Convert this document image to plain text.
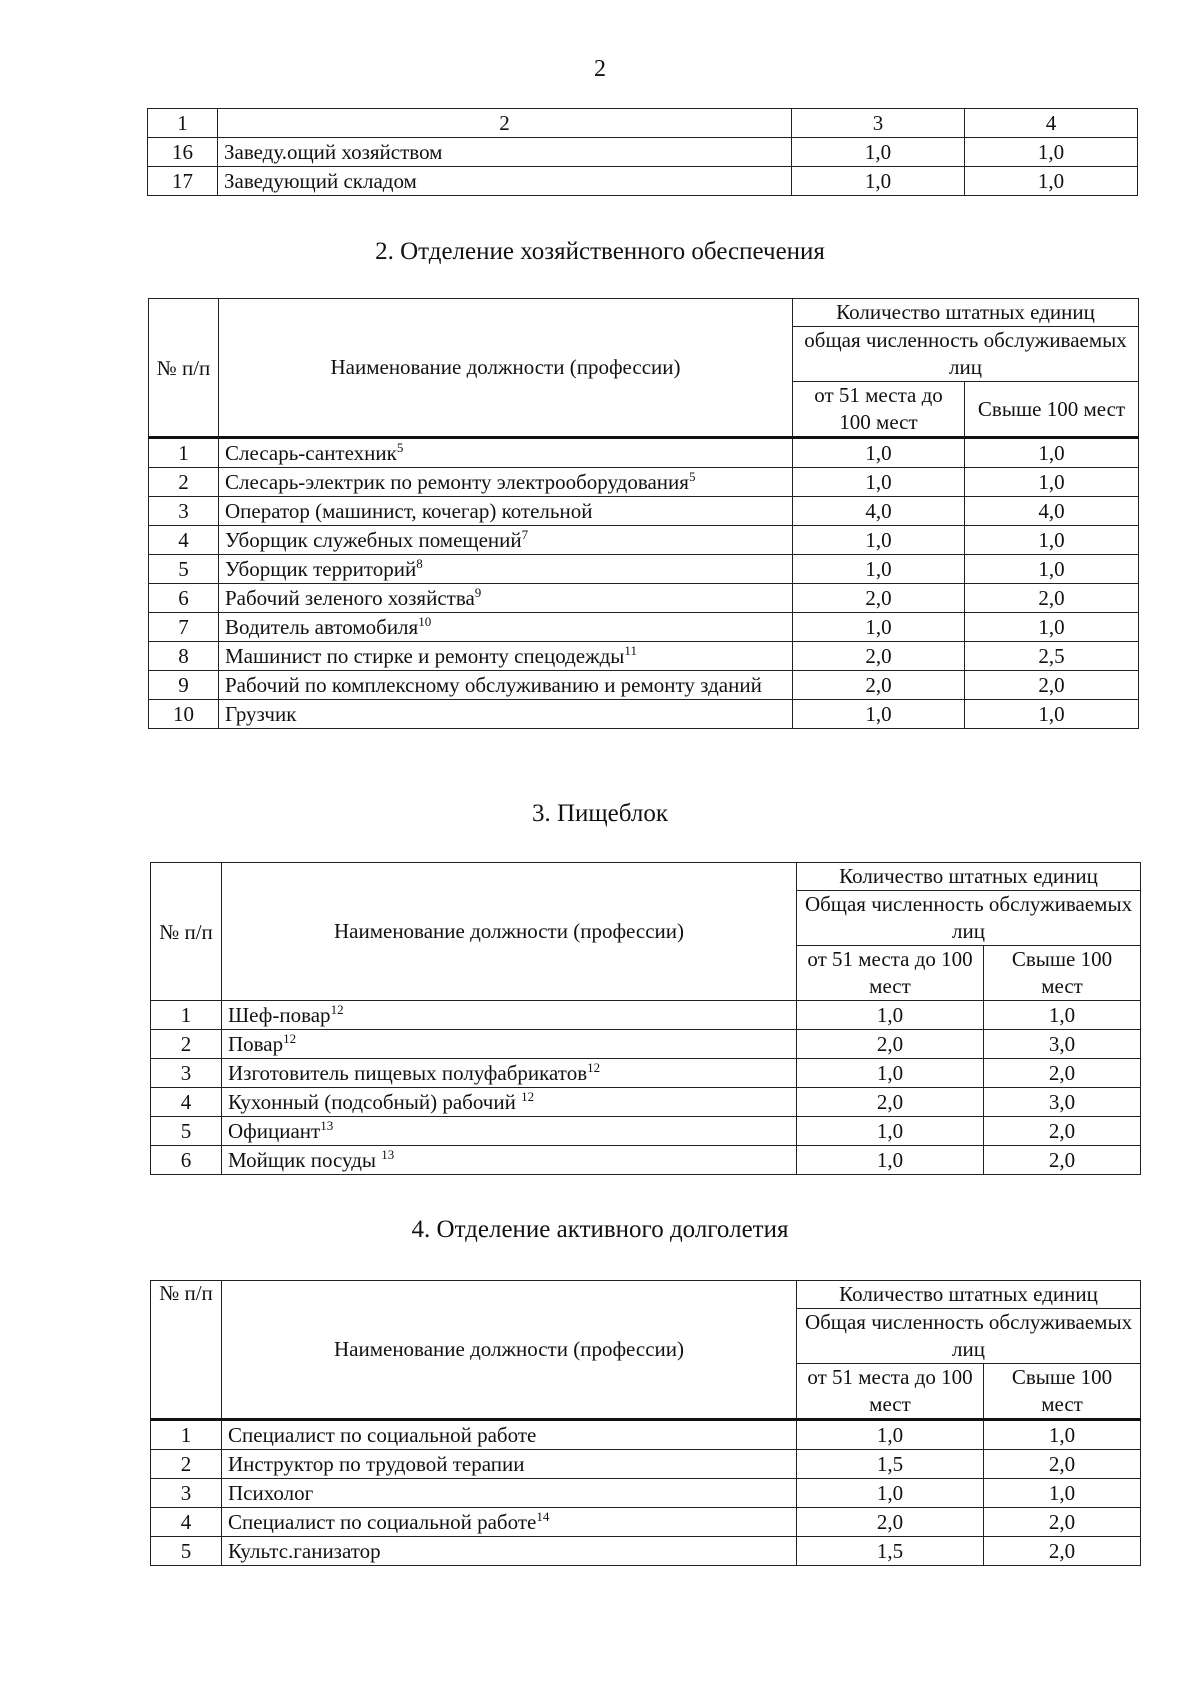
2
1	2	3	4
16	Заведу.ощий хозяйством	1,0	1,0
17	Заведующий складом	1,0	1,0
2. Отделение хозяйственного обеспечения
№ п/п	Наименование должности (профессии)	Количество штатных единиц	
		общая численность обслуживаемых лиц	
		от 51 места до 100 мест	Свыше 100 мест
1	Слесарь-сантехник$^5$	1,0	1,0
2	Слесарь-электрик по ремонту электрооборудования$^5$	1,0	1,0
3	Оператор (машинист, кочегар) котельной	4,0	4,0
4	Уборщик служебных помещений$^7$	1,0	1,0
5	Уборщик территорий$^8$	1,0	1,0
6	Рабочий зеленого хозяйства$^9$	2,0	2,0
7	Водитель автомобиля$^{10}$	1,0	1,0
8	Машинист по стирке и ремонту спецодежды$^{11}$	2,0	2,5
9	Рабочий по комплексному обслуживанию и ремонту зданий	2,0	2,0
10	Грузчик	1,0	1,0
3. Пищеблок
№ п/п	Наименование должности (профессии)	Количество штатных единиц	
		Общая численность обслуживаемых лиц	
		от 51 места до 100 мест	Свыше 100 мест
1	Шеф-повар$^{12}$	1,0	1,0
2	Повар$^{12}$	2,0	3,0
3	Изготовитель пищевых полуфабрикатов$^{12}$	1,0	2,0
4	Кухонный (подсобный) рабочий $^{12}$	2,0	3,0
5	Официант$^{13}$	1,0	2,0
6	Мойщик посуды $^{13}$	1,0	2,0
4. Отделение активного долголетия
№ п/п	Наименование должности (профессии)	Количество штатных единиц	
		Общая численность обслуживаемых лиц	
		от 51 места до 100 мест	Свыше 100 мест
1	Специалист по социальной работе	1,0	1,0
2	Инструктор по трудовой терапии	1,5	2,0
3	Психолог	1,0	1,0
4	Специалист по социальной работе$^{14}$	2,0	2,0
5	Культс.ганизатор	1,5	2,0
